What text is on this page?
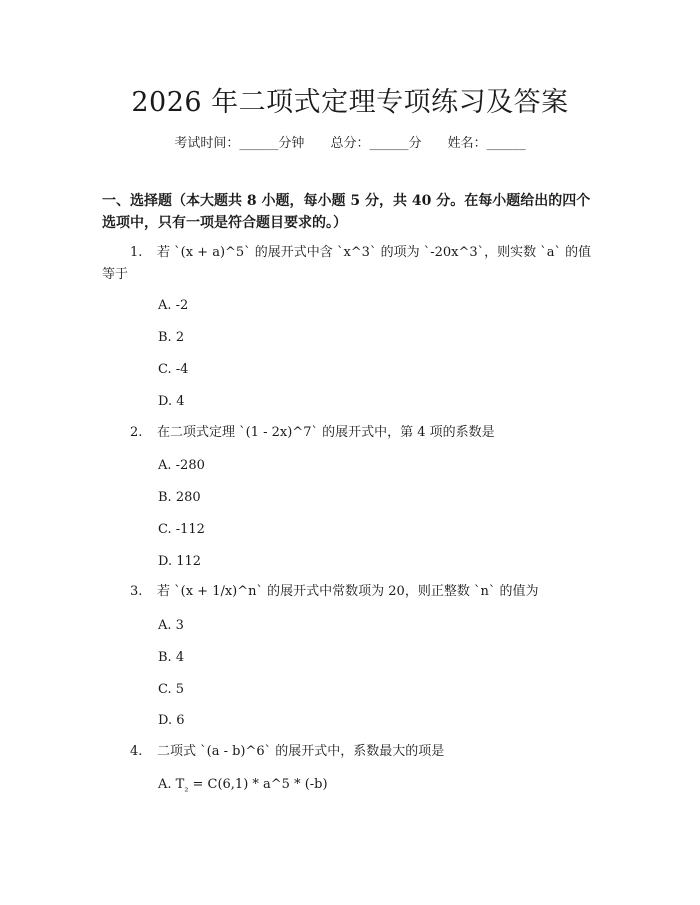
2026 年二项式定理专项练习及答案
考试时间：______分钟 总分：______分 姓名：______
一、选择题（本大题共 8 小题，每小题 5 分，共 40 分。在每小题给出的四个选项中，只有一项是符合题目要求的。）
1. 若 `(x + a)^5` 的展开式中含 `x^3` 的项为 `-20x^3`，则实数 `a` 的值等于
A. -2
B. 2
C. -4
D. 4
2. 在二项式定理 `(1 - 2x)^7` 的展开式中，第 4 项的系数是
A. -280
B. 280
C. -112
D. 112
3. 若 `(x + 1/x)^n` 的展开式中常数项为 20，则正整数 `n` 的值为
A. 3
B. 4
C. 5
D. 6
4. 二项式 `(a - b)^6` 的展开式中，系数最大的项是
A. $T_{_2} = C(6,1)$ * a^5 * (-b)
